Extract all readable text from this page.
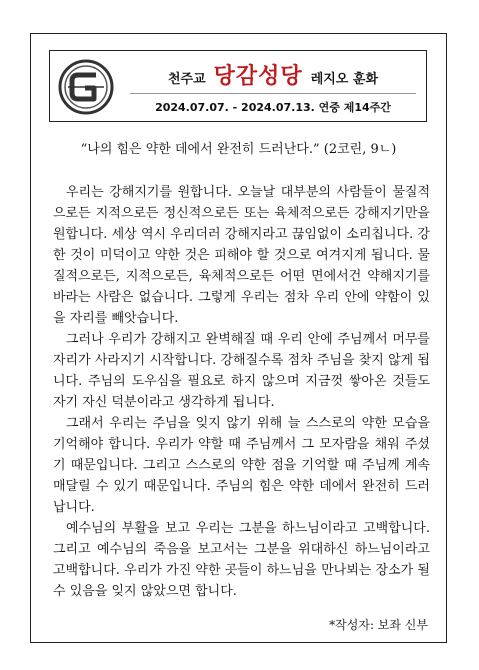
천주교 당감성당 레지오 훈화
2024.07.07. - 2024.07.13. 연중 제14주간
“나의 힘은 약한 데에서 완전히 드러난다.” (2코린, 9ㄴ)

우리는 강해지기를 원합니다. 오늘날 대부분의 사람들이 물질적으로든 지적으로든 정신적으로든 또는 육체적으로든 강해지기만을 원합니다. 세상 역시 우리더러 강해지라고 끊임없이 소리칩니다. 강한 것이 미덕이고 약한 것은 피해야 할 것으로 여겨지게 됩니다. 물질적으로든, 지적으로든, 육체적으로든 어떤 면에서건 약해지기를 바라는 사람은 없습니다. 그렇게 우리는 점차 우리 안에 약함이 있을 자리를 빼앗습니다.

그러나 우리가 강해지고 완벽해질 때 우리 안에 주님께서 머무를 자리가 사라지기 시작합니다. 강해질수록 점차 주님을 찾지 않게 됩니다. 주님의 도우심을 필요로 하지 않으며 지금껏 쌓아온 것들도 자기 자신 덕분이라고 생각하게 됩니다.

그래서 우리는 주님을 잊지 않기 위해 늘 스스로의 약한 모습을 기억해야 합니다. 우리가 약할 때 주님께서 그 모자람을 채워 주셨기 때문입니다. 그리고 스스로의 약한 점을 기억할 때 주님께 계속 매달릴 수 있기 때문입니다. 주님의 힘은 약한 데에서 완전히 드러납니다.

예수님의 부활을 보고 우리는 그분을 하느님이라고 고백합니다. 그리고 예수님의 죽음을 보고서는 그분을 위대하신 하느님이라고 고백합니다. 우리가 가진 약한 곳들이 하느님을 만나뵈는 장소가 될 수 있음을 잊지 않았으면 합니다.

*작성자: 보좌 신부
